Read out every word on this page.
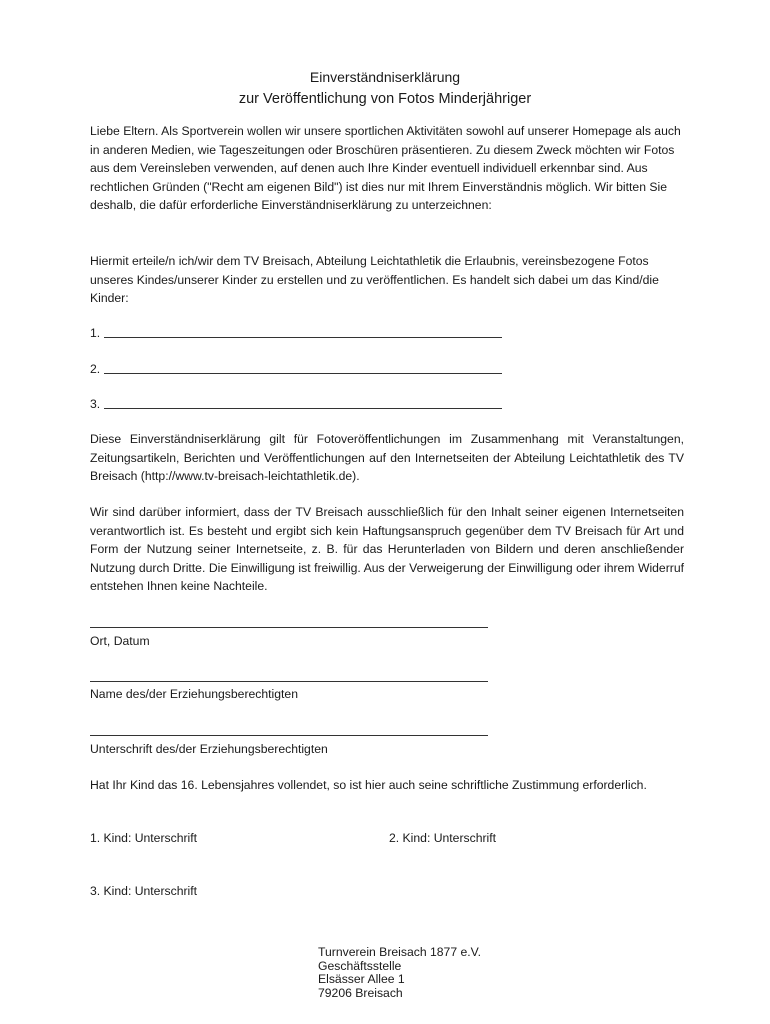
Einverständniserklärung
zur Veröffentlichung von Fotos Minderjähriger

Liebe Eltern. Als Sportverein wollen wir unsere sportlichen Aktivitäten sowohl auf unserer Homepage als auch in anderen Medien, wie Tageszeitungen oder Broschüren präsentieren. Zu diesem Zweck möchten wir Fotos aus dem Vereinsleben verwenden, auf denen auch Ihre Kinder eventuell individuell erkennbar sind. Aus rechtlichen Gründen ("Recht am eigenen Bild") ist dies nur mit Ihrem Einverständnis möglich. Wir bitten Sie deshalb, die dafür erforderliche Einverständniserklärung zu unterzeichnen:

Hiermit erteile/n ich/wir dem TV Breisach, Abteilung Leichtathletik die Erlaubnis, vereinsbezogene Fotos unseres Kindes/unserer Kinder zu erstellen und zu veröffentlichen. Es handelt sich dabei um das Kind/die Kinder:

1.
2.
3.

Diese Einverständniserklärung gilt für Fotoveröffentlichungen im Zusammenhang mit Veranstaltungen, Zeitungsartikeln, Berichten und Veröffentlichungen auf den Internetseiten der Abteilung Leichtathletik des TV Breisach (http://www.tv-breisach-leichtathletik.de).

Wir sind darüber informiert, dass der TV Breisach ausschließlich für den Inhalt seiner eigenen Internetseiten verantwortlich ist. Es besteht und ergibt sich kein Haftungsanspruch gegenüber dem TV Breisach für Art und Form der Nutzung seiner Internetseite, z. B. für das Herunterladen von Bildern und deren anschließender Nutzung durch Dritte. Die Einwilligung ist freiwillig. Aus der Verweigerung der Einwilligung oder ihrem Widerruf entstehen Ihnen keine Nachteile.

Ort, Datum
Name des/der Erziehungsberechtigten
Unterschrift des/der Erziehungsberechtigten

Hat Ihr Kind das 16. Lebensjahres vollendet, so ist hier auch seine schriftliche Zustimmung erforderlich.

1. Kind: Unterschrift	2. Kind: Unterschrift
3. Kind: Unterschrift
Turnverein Breisach 1877 e.V.
Geschäftsstelle
Elsässer Allee 1
79206 Breisach
